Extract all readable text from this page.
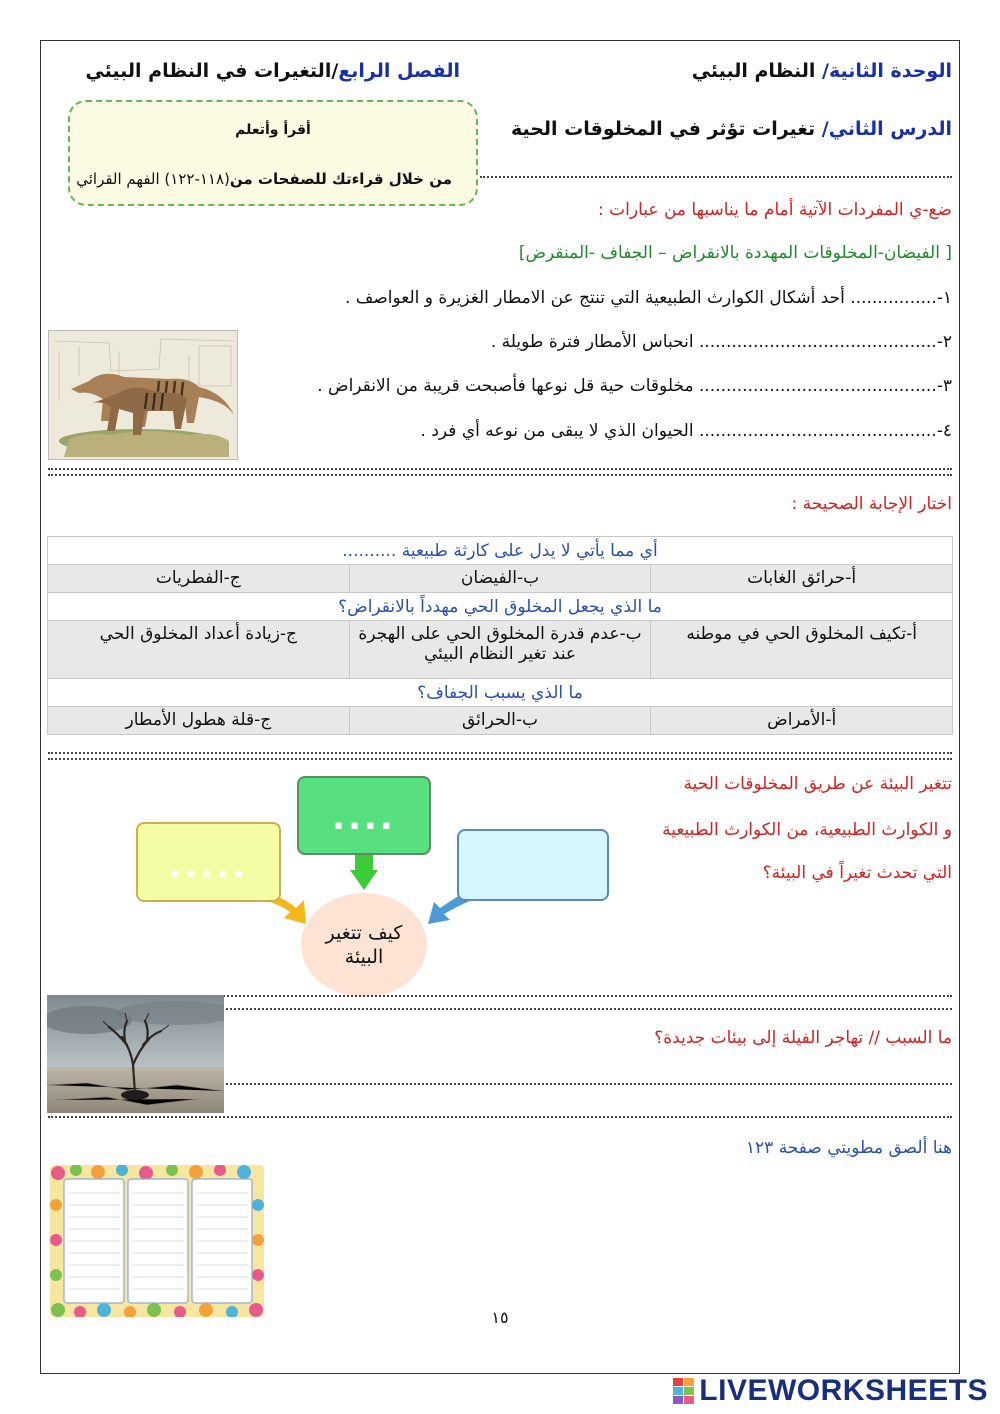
الوحدة الثانية/ النظام البيئي
الفصل الرابع/التغيرات في النظام البيئي
الدرس الثاني/ تغيرات تؤثر في المخلوقات الحية
أقرأ وأتعلم
من خلال قراءتك للصفحات من(١١٨-١٢٢) الفهم القرائي
ضع-ي المفردات الآتية أمام ما يناسبها من عبارات :
[ الفيضان-المخلوقات المهددة بالانقراض – الجفاف -المنقرض]
١-................ أحد أشكال الكوارث الطبيعية التي تنتج عن الامطار الغزيرة و العواصف .
٢-............................................ انحباس الأمطار فترة طويلة .
٣-............................................ مخلوقات حية قل نوعها فأصبحت قريبة من الانقراض .
٤-............................................ الحيوان الذي لا يبقى من نوعه أي فرد .
اختار الإجابة الصحيحة :
أي مما يأتي لا يدل على كارثة طبيعية ..........		
أ-حرائق الغابات	ب-الفيضان	ج-الفطريات
ما الذي يجعل المخلوق الحي مهدداً بالانقراض؟		
أ-تكيف المخلوق الحي في موطنه	ب-عدم قدرة المخلوق الحي على الهجرة عند تغير النظام البيئي	ج-زيادة أعداد المخلوق الحي
ما الذي يسبب الجفاف؟		
أ-الأمراض	ب-الحرائق	ج-قلة هطول الأمطار
تتغير البيئة عن طريق المخلوقات الحية
و الكوارث الطبيعية، من الكوارث الطبيعية
التي تحدث تغيراً في البيئة؟
.....
....
كيف تتغير البيئة
ما السبب // تهاجر الفيلة إلى بيئات جديدة؟
هنا ألصق مطويتي صفحة ١٢٣
١٥
LIVEWORKSHEETS
